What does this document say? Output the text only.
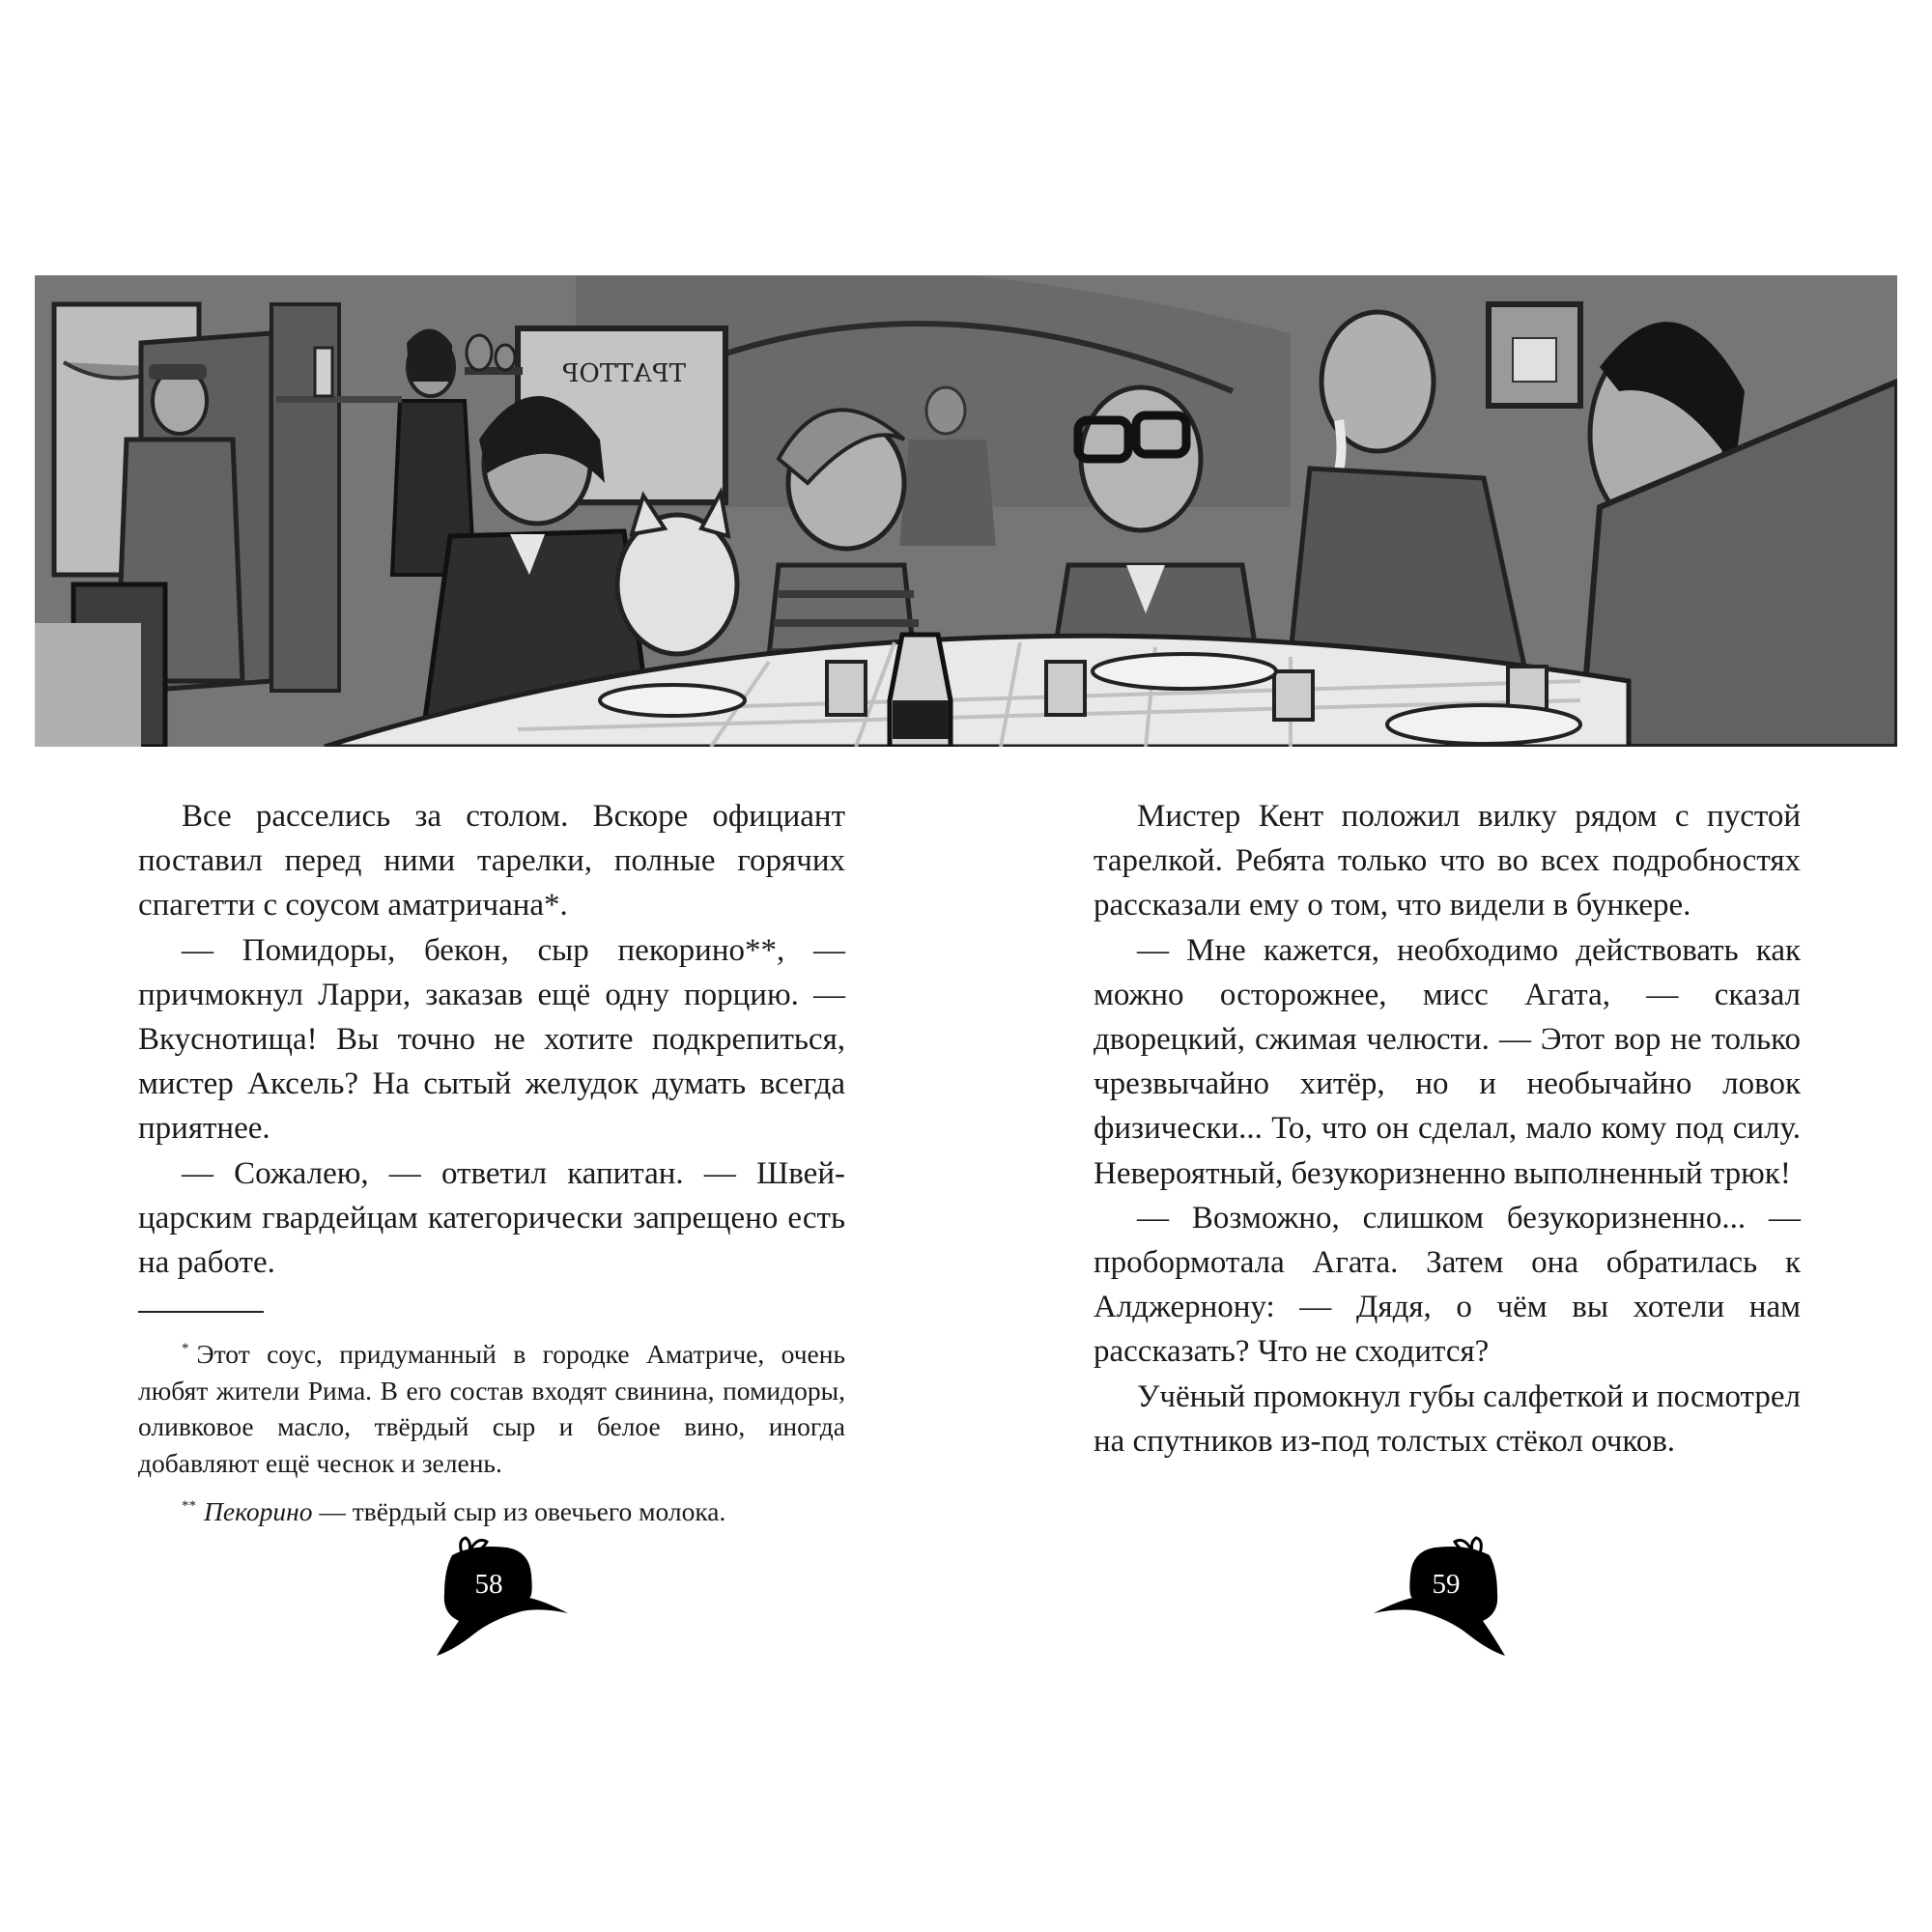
ТРАТТОР

Все расселись за столом. Вскоре официант поставил перед ними тарелки, полные горячих спагетти с соусом аматричана*.

— Помидоры, бекон, сыр пекорино**, — причмокнул Ларри, заказав ещё одну порцию. — Вкуснотища! Вы точно не хотите подкрепиться, мистер Аксель? На сытый желудок думать всегда приятнее.

— Сожалею, — ответил капитан. — Швейцарским гвардейцам категорически запрещено есть на работе.

* Этот соус, придуманный в городке Аматриче, очень любят жители Рима. В его состав входят свинина, помидоры, оливковое масло, твёрдый сыр и белое вино, иногда добавляют ещё чеснок и зелень.

** Пекорино — твёрдый сыр из овечьего молока.

Мистер Кент положил вилку рядом с пустой тарелкой. Ребята только что во всех подробностях рассказали ему о том, что видели в бункере.

— Мне кажется, необходимо действовать как можно осторожнее, мисс Агата, — сказал дворецкий, сжимая челюсти. — Этот вор не только чрезвычайно хитёр, но и необычайно ловок физически... То, что он сделал, мало кому под силу. Невероятный, безукоризненно выполненный трюк!

— Возможно, слишком безукоризненно... — пробормотала Агата. Затем она обратилась к Алджернону: — Дядя, о чём вы хотели нам рассказать? Что не сходится?

Учёный промокнул губы салфеткой и посмотрел на спутников из-под толстых стёкол очков.

58	59
